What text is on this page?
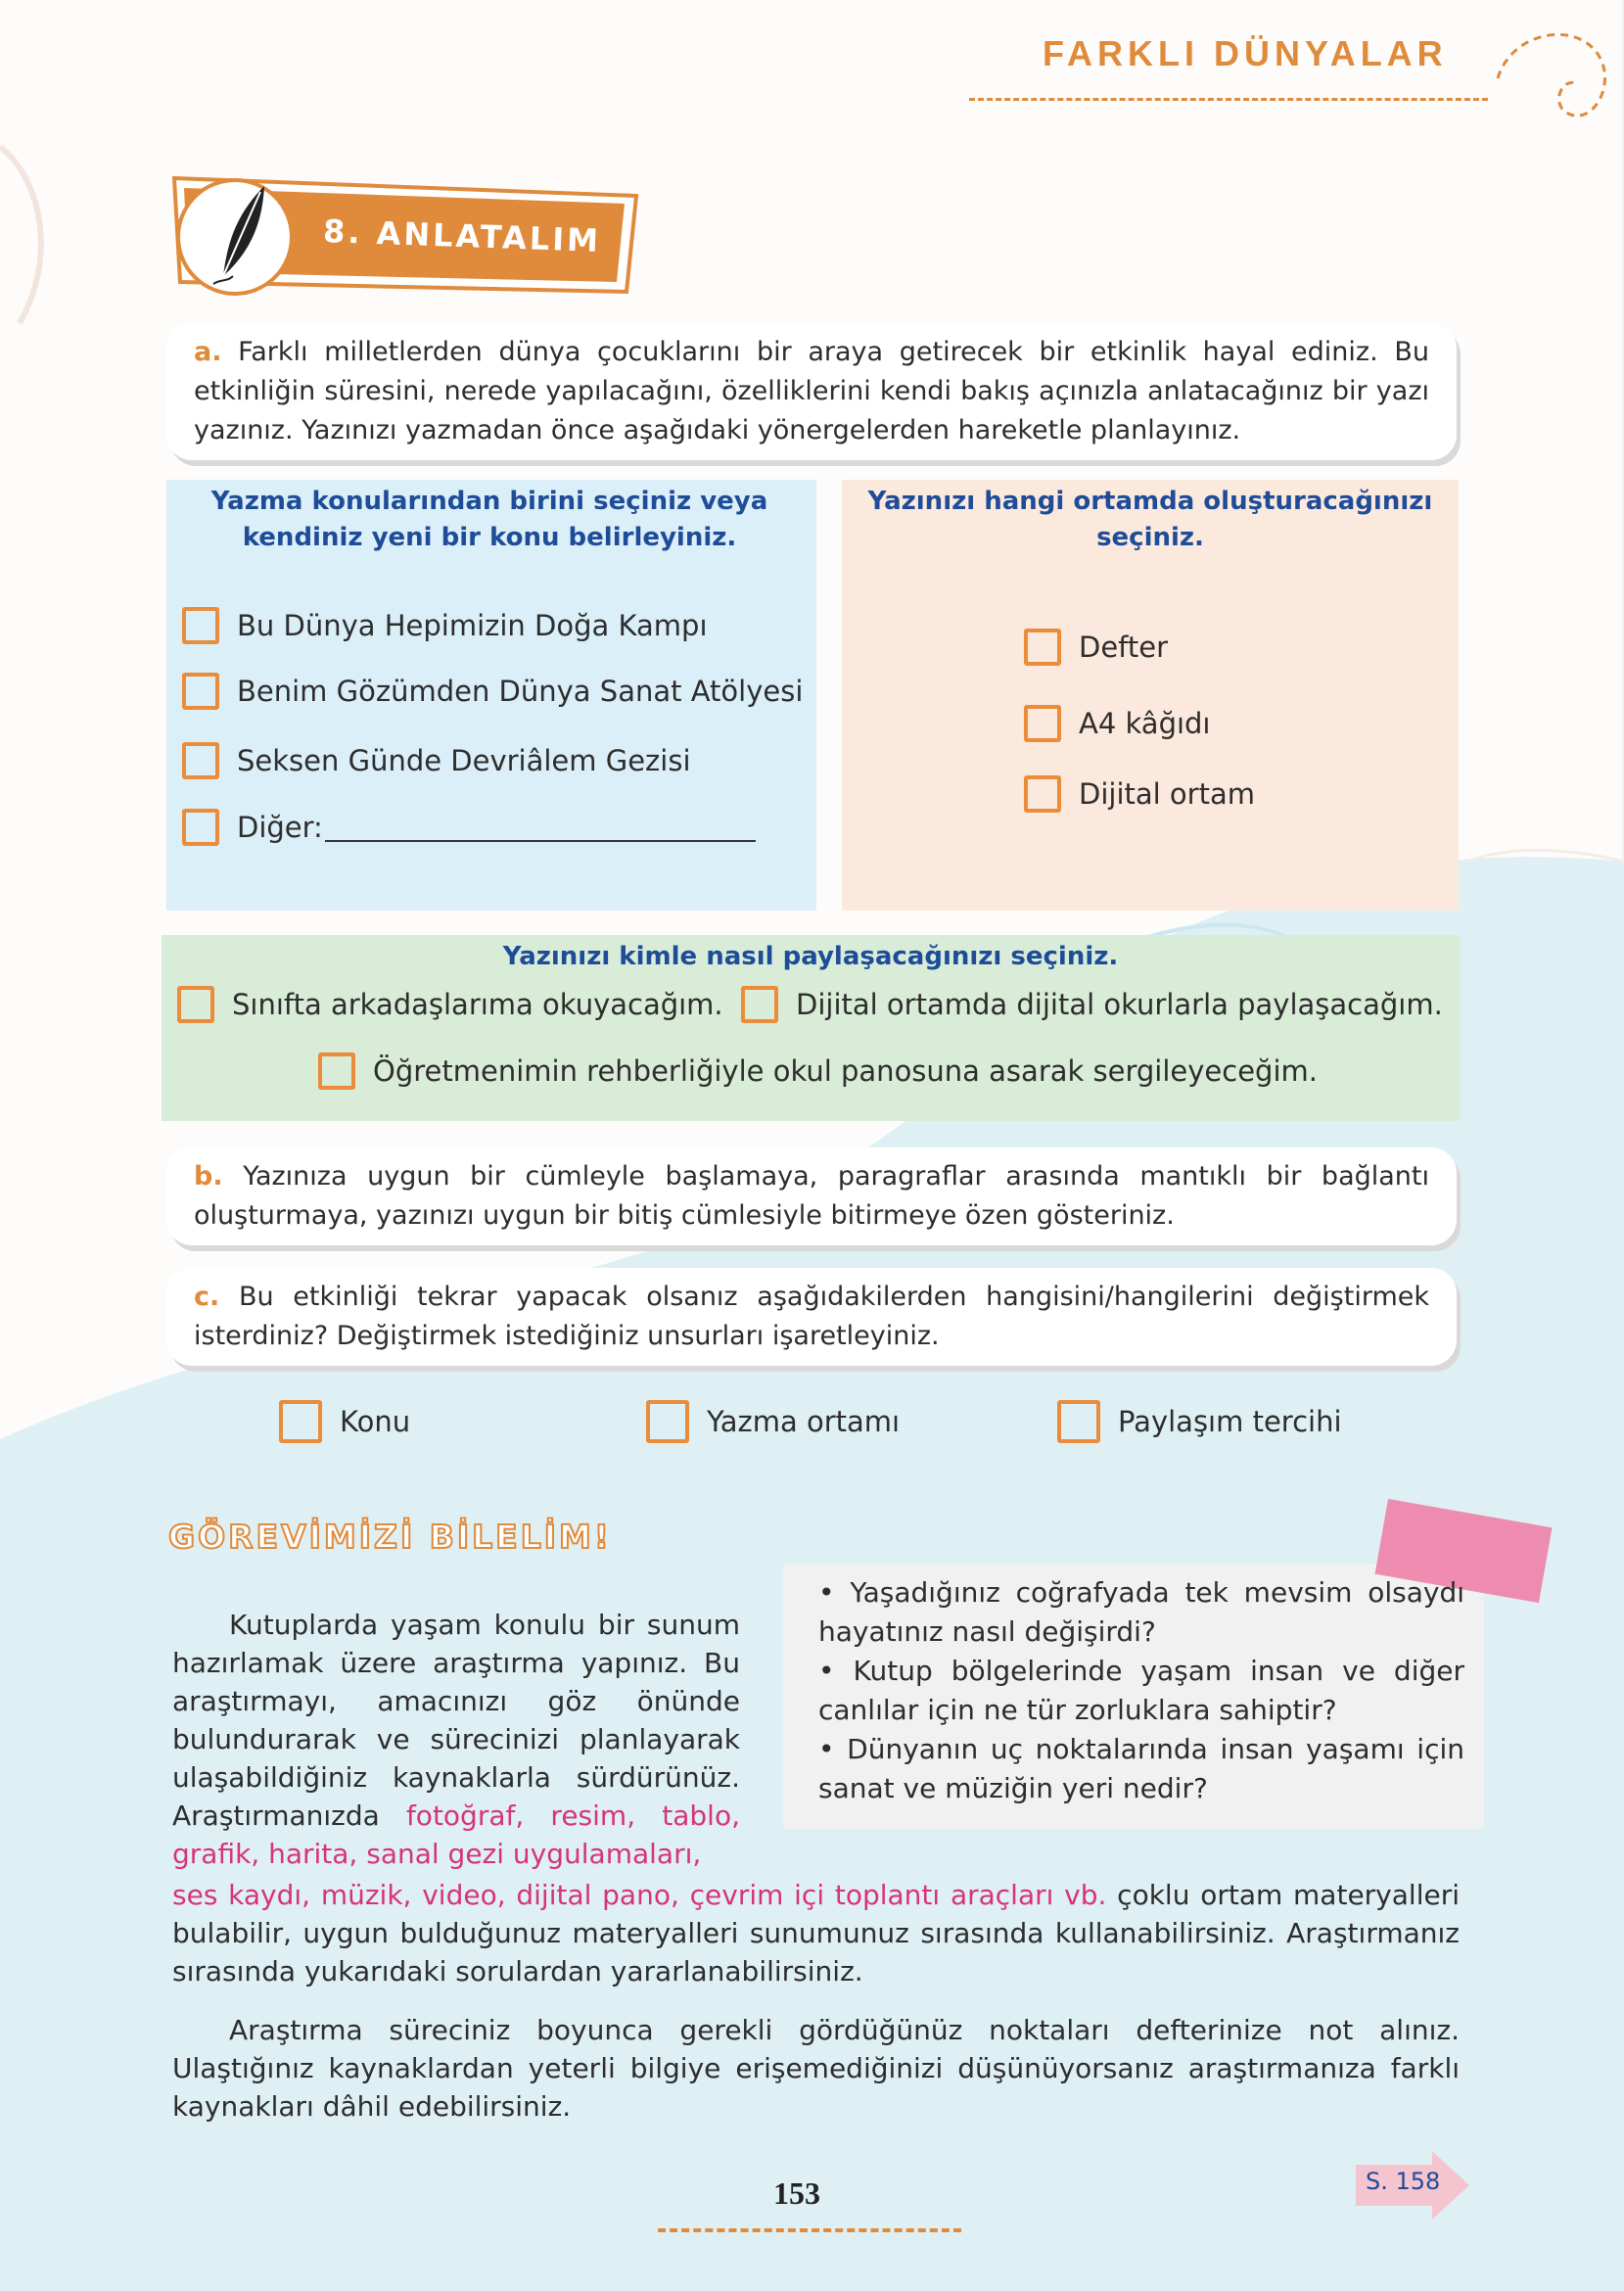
FARKLI DÜNYALAR
8. ANLATALIM
a. Farklı milletlerden dünya çocuklarını bir araya getirecek bir etkinlik hayal ediniz. Bu etkinliğin süresini, nerede yapılacağını, özelliklerini kendi bakış açınızla anlatacağınız bir yazı yazınız. Yazınızı yazmadan önce aşağıdaki yönergelerden hareketle planlayınız.
Yazma konularından birini seçiniz veya kendiniz yeni bir konu belirleyiniz.
Bu Dünya Hepimizin Doğa Kampı
Benim Gözümden Dünya Sanat Atölyesi
Seksen Günde Devriâlem Gezisi
Diğer:
Yazınızı hangi ortamda oluşturacağınızı seçiniz.
Defter
A4 kâğıdı
Dijital ortam
Yazınızı kimle nasıl paylaşacağınızı seçiniz.
Sınıfta arkadaşlarıma okuyacağım.	Dijital ortamda dijital okurlarla paylaşacağım.
Öğretmenimin rehberliğiyle okul panosuna asarak sergileyeceğim.
b. Yazınıza uygun bir cümleyle başlamaya, paragraflar arasında mantıklı bir bağlantı oluşturmaya, yazınızı uygun bir bitiş cümlesiyle bitirmeye özen gösteriniz.
c. Bu etkinliği tekrar yapacak olsanız aşağıdakilerden hangisini/hangilerini değiştirmek isterdiniz? Değiştirmek istediğiniz unsurları işaretleyiniz.
Konu	Yazma ortamı	Paylaşım tercihi
GÖREVİMİZİ BİLELİM!
• Yaşadığınız coğrafyada tek mevsim olsaydı hayatınız nasıl değişirdi?
• Kutup bölgelerinde yaşam insan ve diğer canlılar için ne tür zorluklara sahiptir?
• Dünyanın uç noktalarında insan yaşamı için sanat ve müziğin yeri nedir?
Kutuplarda yaşam konulu bir sunum hazırlamak üzere araştırma yapınız. Bu araştırmayı, amacınızı göz önünde bulundurarak ve sürecinizi planlayarak ulaşabildiğiniz kaynaklarla sürdürünüz. Araştırmanızda fotoğraf, resim, tablo, grafik, harita, sanal gezi uygulamaları,
ses kaydı, müzik, video, dijital pano, çevrim içi toplantı araçları vb. çoklu ortam materyalleri bulabilir, uygun bulduğunuz materyalleri sunumunuz sırasında kullanabilirsiniz. Araştırmanız sırasında yukarıdaki sorulardan yararlanabilirsiniz.
Araştırma süreciniz boyunca gerekli gördüğünüz noktaları defterinize not alınız. Ulaştığınız kaynaklardan yeterli bilgiye erişemediğinizi düşünüyorsanız araştırmanıza farklı kaynakları dâhil edebilirsiniz.
153	S. 158
